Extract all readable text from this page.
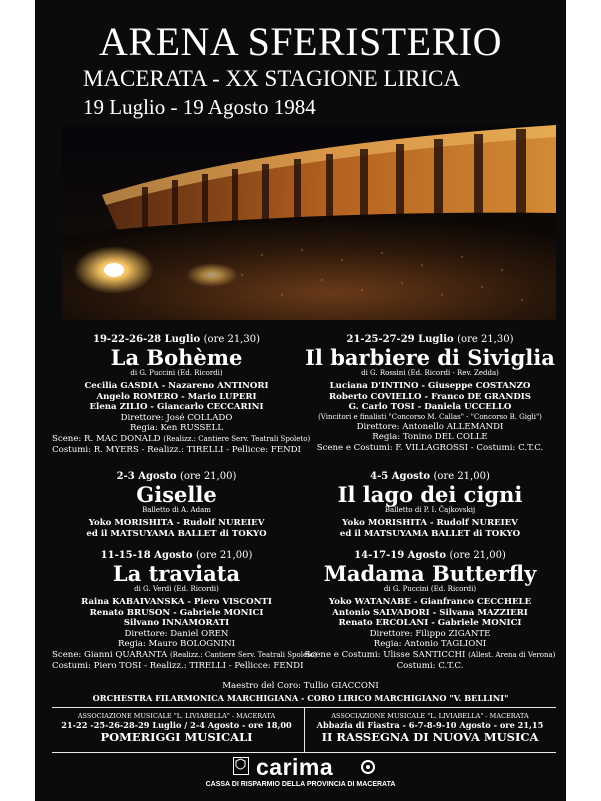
ARENA SFERISTERIO
MACERATA - XX STAGIONE LIRICA
19 Luglio - 19 Agosto 1984
19-22-26-28 Luglio (ore 21,30)
La Bohème
di G. Puccini (Ed. Ricordi)
Cecilia GASDIA - Nazareno ANTINORI
Angelo ROMERO - Mario LUPERI
Elena ZILIO - Giancarlo CECCARINI
Direttore: José COLLADO
Regia: Ken RUSSELL
Scene: R. MAC DONALD (Realizz.: Cantiere Serv. Teatrali Spoleto)
Costumi: R. MYERS - Realizz.: TIRELLI - Pellicce: FENDI
2-3 Agosto (ore 21,00)
Giselle
Balletto di A. Adam
Yoko MORISHITA - Rudolf NUREIEV
ed il MATSUYAMA BALLET di TOKYO
11-15-18 Agosto (ore 21,00)
La traviata
di G. Verdi (Ed. Ricordi)
Raina KABAIVANSKA - Piero VISCONTI
Renato BRUSON - Gabriele MONICI
Silvano INNAMORATI
Direttore: Daniel OREN
Regia: Mauro BOLOGNINI
Scene: Gianni QUARANTA (Realizz.: Cantiere Serv. Teatrali Spoleto)
Costumi: Piero TOSI - Realizz.: TIRELLI - Pellicce: FENDI
21-25-27-29 Luglio (ore 21,30)
Il barbiere di Siviglia
di G. Rossini (Ed. Ricordi - Rev. Zedda)
Luciana D'INTINO - Giuseppe COSTANZO
Roberto COVIELLO - Franco DE GRANDIS
G. Carlo TOSI - Daniela UCCELLO
(Vincitori e finalisti "Concorso M. Callas" - "Concorso B. Gigli")
Direttore: Antonello ALLEMANDI
Regia: Tonino DEL COLLE
Scene e Costumi: F. VILLAGROSSI - Costumi: C.T.C.
4-5 Agosto (ore 21,00)
Il lago dei cigni
Balletto di P. I. Čajkovskij
Yoko MORISHITA - Rudolf NUREIEV
ed il MATSUYAMA BALLET di TOKYO
14-17-19 Agosto (ore 21,00)
Madama Butterfly
di G. Puccini (Ed. Ricordi)
Yoko WATANABE - Gianfranco CECCHELE
Antonio SALVADORI - Silvana MAZZIERI
Renato ERCOLANI - Gabriele MONICI
Direttore: Filippo ZIGANTE
Regia: Antonio TAGLIONI
Scene e Costumi: Ulisse SANTICCHI (Allest. Arena di Verona)
Costumi: C.T.C.
Maestro del Coro: Tullio GIACCONI
ORCHESTRA FILARMONICA MARCHIGIANA - CORO LIRICO MARCHIGIANO "V. BELLINI"
ASSOCIAZIONE MUSICALE "L. LIVIABELLA" - MACERATA
21-22 -25-26-28-29 Luglio / 2-4 Agosto - ore 18,00
POMERIGGI MUSICALI
ASSOCIAZIONE MUSICALE "L. LIVIABELLA" - MACERATA
Abbazia di Fiastra - 6-7-8-9-10 Agosto - ore 21,15
II RASSEGNA DI NUOVA MUSICA
carima
CASSA DI RISPARMIO DELLA PROVINCIA DI MACERATA
